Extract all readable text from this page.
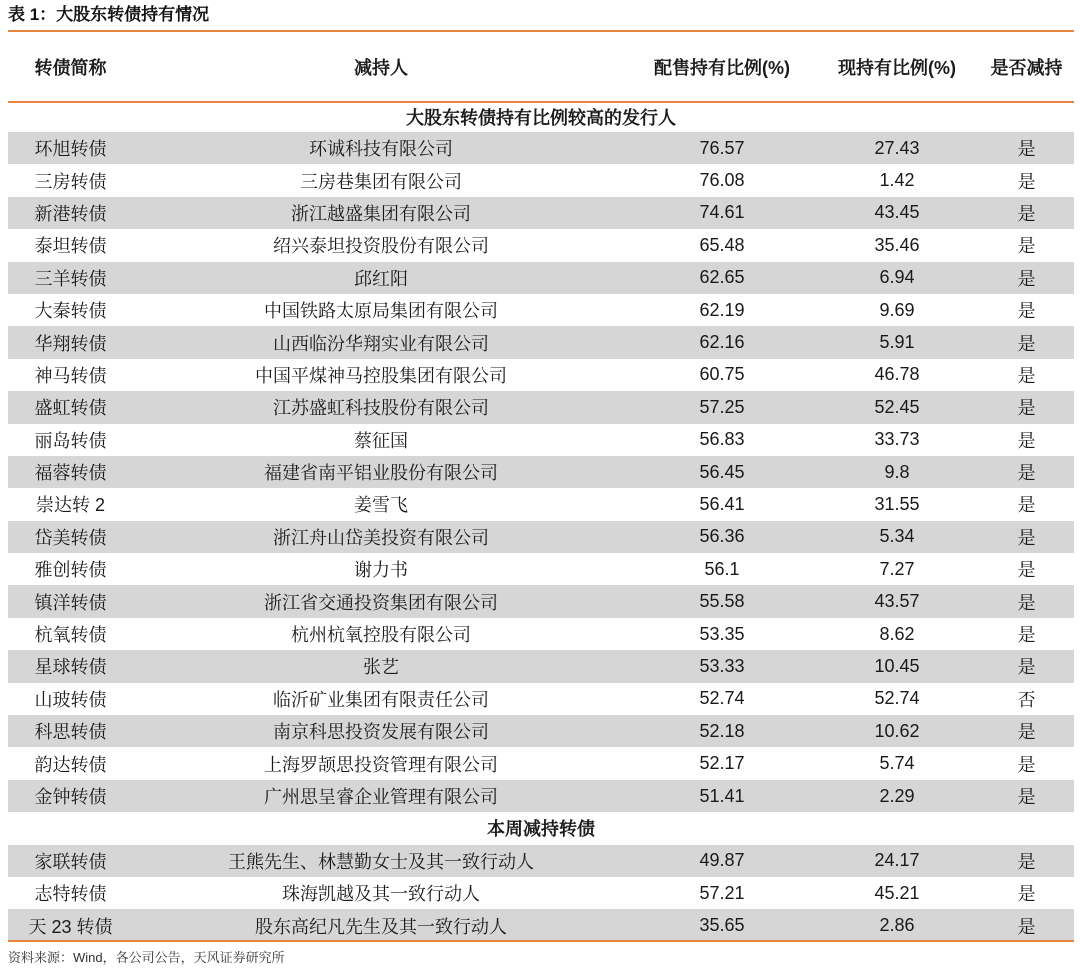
表 1：大股东转债持有情况
转债简称	减持人	配售持有比例(%)	现持有比例(%)	是否减持
大股东转债持有比例较高的发行人				
环旭转债	环诚科技有限公司	76.57	27.43	是
三房转债	三房巷集团有限公司	76.08	1.42	是
新港转债	浙江越盛集团有限公司	74.61	43.45	是
泰坦转债	绍兴泰坦投资股份有限公司	65.48	35.46	是
三羊转债	邱红阳	62.65	6.94	是
大秦转债	中国铁路太原局集团有限公司	62.19	9.69	是
华翔转债	山西临汾华翔实业有限公司	62.16	5.91	是
神马转债	中国平煤神马控股集团有限公司	60.75	46.78	是
盛虹转债	江苏盛虹科技股份有限公司	57.25	52.45	是
丽岛转债	蔡征国	56.83	33.73	是
福蓉转债	福建省南平铝业股份有限公司	56.45	9.8	是
崇达转 2	姜雪飞	56.41	31.55	是
岱美转债	浙江舟山岱美投资有限公司	56.36	5.34	是
雅创转债	谢力书	56.1	7.27	是
镇洋转债	浙江省交通投资集团有限公司	55.58	43.57	是
杭氧转债	杭州杭氧控股有限公司	53.35	8.62	是
星球转债	张艺	53.33	10.45	是
山玻转债	临沂矿业集团有限责任公司	52.74	52.74	否
科思转债	南京科思投资发展有限公司	52.18	10.62	是
韵达转债	上海罗颉思投资管理有限公司	52.17	5.74	是
金钟转债	广州思呈睿企业管理有限公司	51.41	2.29	是
本周减持转债				
家联转债	王熊先生、林慧勤女士及其一致行动人	49.87	24.17	是
志特转债	珠海凯越及其一致行动人	57.21	45.21	是
天 23 转债	股东高纪凡先生及其一致行动人	35.65	2.86	是
资料来源：Wind，各公司公告，天风证券研究所
